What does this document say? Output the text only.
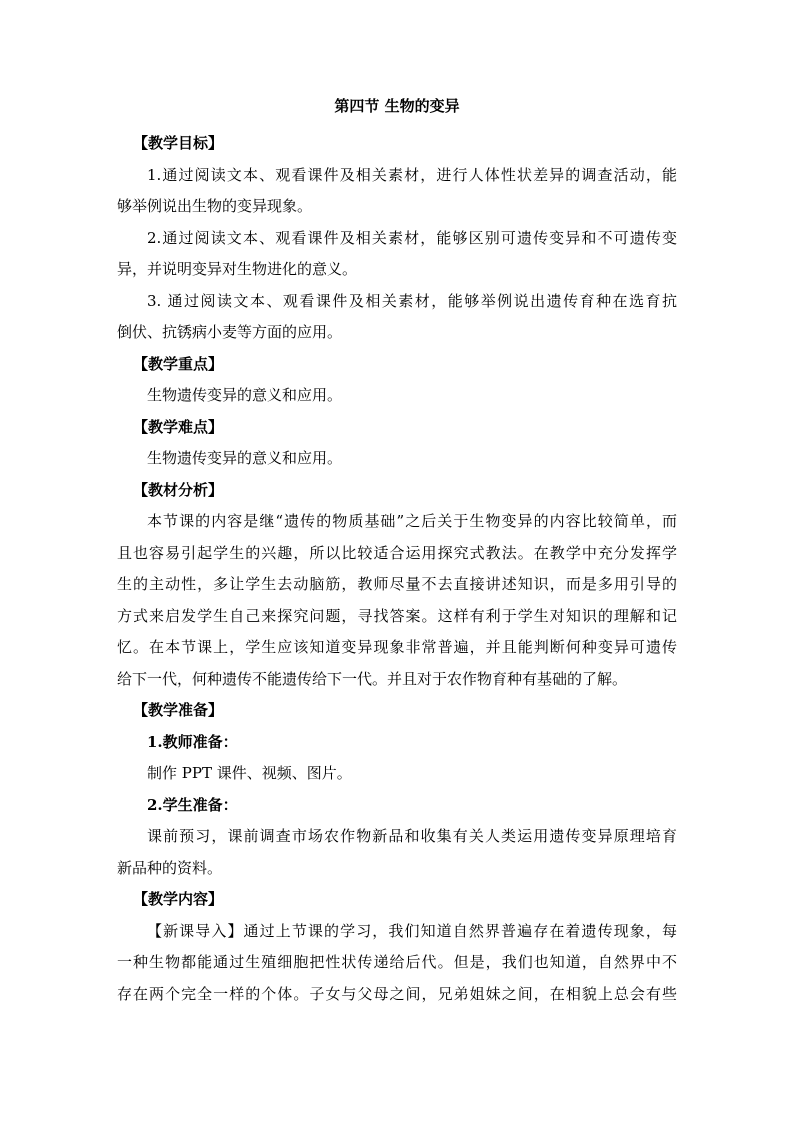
第四节 生物的变异

【教学目标】

1.通过阅读文本、观看课件及相关素材，进行人体性状差异的调查活动，能

够举例说出生物的变异现象。

2.通过阅读文本、观看课件及相关素材，能够区别可遗传变异和不可遗传变

异，并说明变异对生物进化的意义。

3. 通过阅读文本、观看课件及相关素材，能够举例说出遗传育种在选育抗

倒伏、抗锈病小麦等方面的应用。

【教学重点】

生物遗传变异的意义和应用。

【教学难点】

生物遗传变异的意义和应用。

【教材分析】

本节课的内容是继“遗传的物质基础”之后关于生物变异的内容比较简单，而

且也容易引起学生的兴趣，所以比较适合运用探究式教法。在教学中充分发挥学

生的主动性，多让学生去动脑筋，教师尽量不去直接讲述知识，而是多用引导的

方式来启发学生自己来探究问题，寻找答案。这样有利于学生对知识的理解和记

忆。在本节课上，学生应该知道变异现象非常普遍，并且能判断何种变异可遗传

给下一代，何种遗传不能遗传给下一代。并且对于农作物育种有基础的了解。

【教学准备】

1.教师准备：

制作 PPT 课件、视频、图片。

2.学生准备：

课前预习，课前调查市场农作物新品和收集有关人类运用遗传变异原理培育

新品种的资料。

【教学内容】

【新课导入】通过上节课的学习，我们知道自然界普遍存在着遗传现象，每

一种生物都能通过生殖细胞把性状传递给后代。但是，我们也知道，自然界中不

存在两个完全一样的个体。子女与父母之间，兄弟姐妹之间，在相貌上总会有些
